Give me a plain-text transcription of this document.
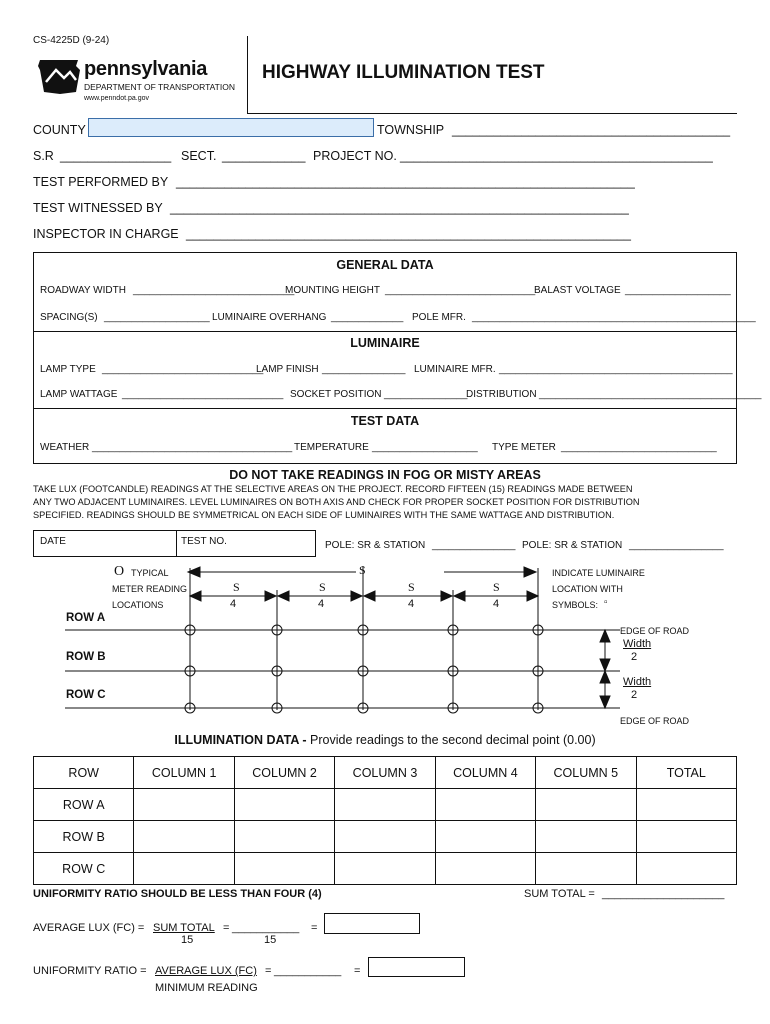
CS-4225D (9-24)
pennsylvania
DEPARTMENT OF TRANSPORTATION
www.penndot.pa.gov
HIGHWAY ILLUMINATION TEST
COUNTY	TOWNSHIP ________________________________________
S.R ________________ SECT. ____________ PROJECT NO. _____________________________________________
TEST PERFORMED BY __________________________________________________________________
TEST WITNESSED BY __________________________________________________________________
INSPECTOR IN CHARGE ________________________________________________________________
GENERAL DATA
ROADWAY WIDTH _____________________________
MOUNTING HEIGHT ___________________________
BALAST VOLTAGE ___________________
SPACING(S) ___________________ LUMINAIRE OVERHANG _____________ POLE MFR. ___________________________________________________
LUMINAIRE
LAMP TYPE _____________________________
LAMP FINISH _______________ LUMINAIRE MFR. __________________________________________
LAMP WATTAGE _____________________________ SOCKET POSITION _______________
DISTRIBUTION ________________________________________
TEST DATA
WEATHER ____________________________________ TEMPERATURE ___________________ TYPE METER ____________________________
DO NOT TAKE READINGS IN FOG OR MISTY AREAS
TAKE LUX (FOOTCANDLE) READINGS AT THE SELECTIVE AREAS ON THE PROJECT. RECORD FIFTEEN (15) READINGS MADE BETWEEN
ANY TWO ADJACENT LUMINAIRES. LEVEL LUMINAIRES ON BOTH AXIS AND CHECK FOR PROPER SOCKET POSITION FOR DISTRIBUTION
SPECIFIED. READINGS SHOULD BE SYMMETRICAL ON EACH SIDE OF LUMINAIRES WITH THE SAME WATTAGE AND DISTRIBUTION.
DATE	TEST NO.	POLE: SR & STATION _______________ POLE: SR & STATION _________________
O TYPICAL
METER READING
LOCATIONS
INDICATE LUMINAIRE
LOCATION WITH
SYMBOLS: ▫
S
S
4
S
4
S
4
S
4
ROW A
ROW B
ROW C
EDGE OF ROAD
Width
2
Width
2
EDGE OF ROAD
ILLUMINATION DATA - Provide readings to the second decimal point (0.00)
ROW	COLUMN 1	COLUMN 2	COLUMN 3	COLUMN 4	COLUMN 5	TOTAL
ROW A						
ROW B						
ROW C						
UNIFORMITY RATIO SHOULD BE LESS THAN FOUR (4)	SUM TOTAL = ____________________
AVERAGE LUX (FC) = SUM TOTAL = ___________ =
15	15
UNIFORMITY RATIO = AVERAGE LUX (FC) = ___________ =
MINIMUM READING
